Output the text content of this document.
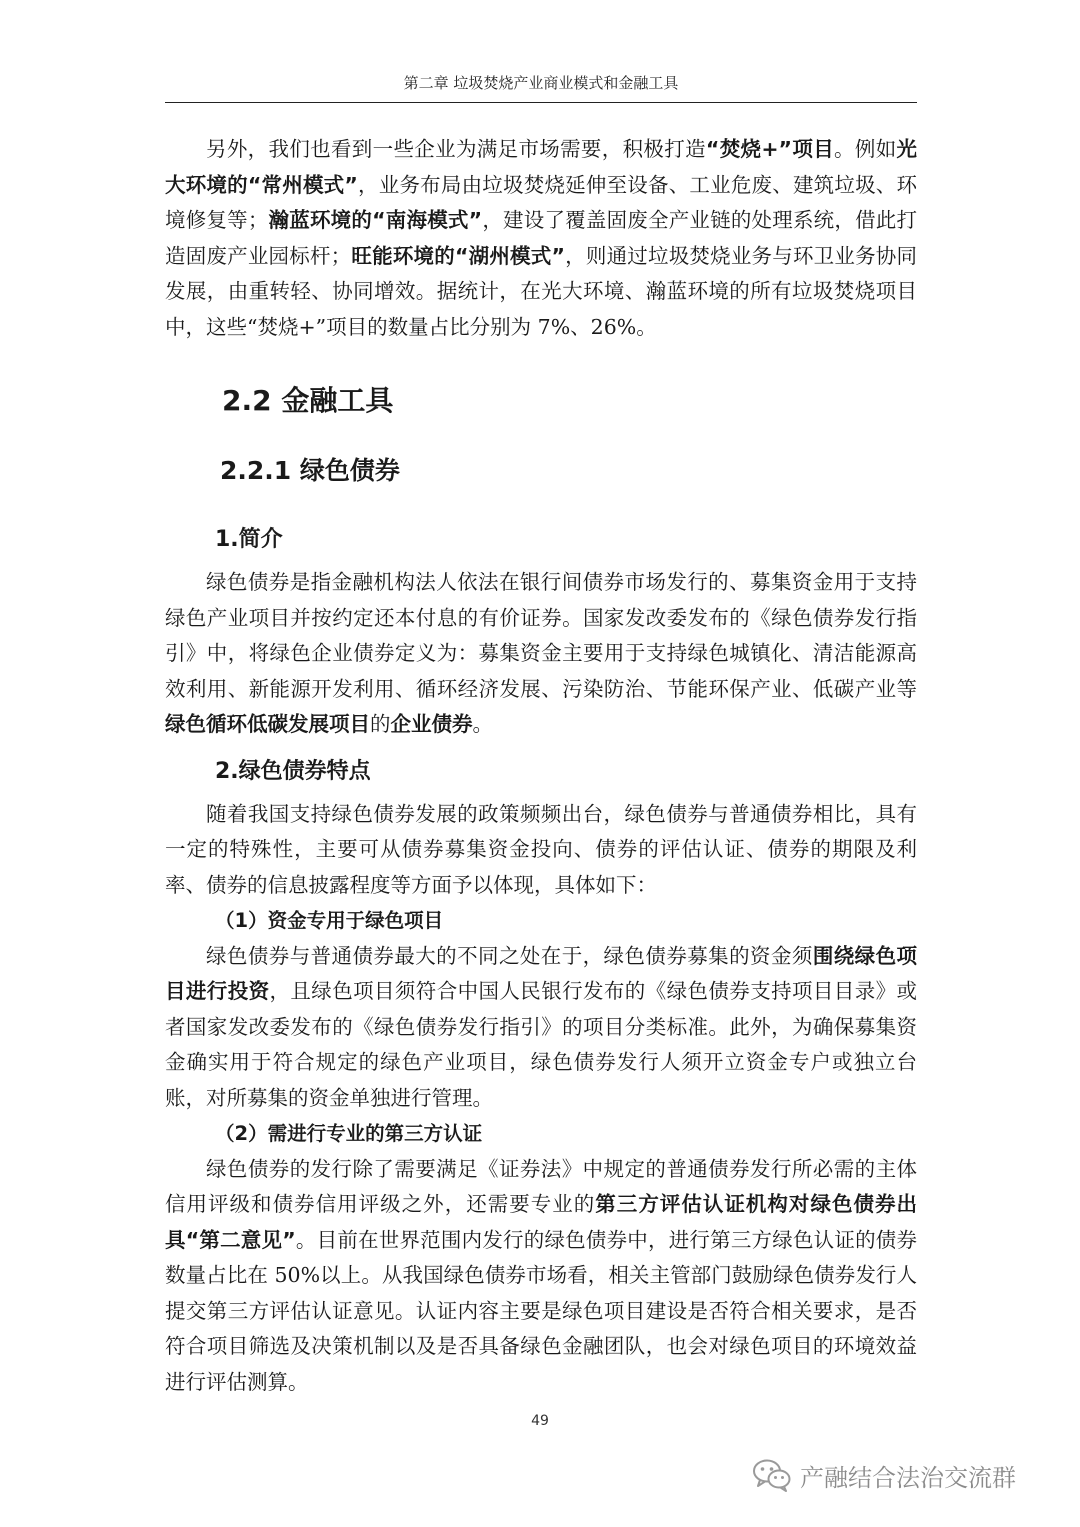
第二章 垃圾焚烧产业商业模式和金融工具

另外，我们也看到一些企业为满足市场需要，积极打造“焚烧+”项目。例如光大环境的“常州模式”，业务布局由垃圾焚烧延伸至设备、工业危废、建筑垃圾、环境修复等；瀚蓝环境的“南海模式”，建设了覆盖固废全产业链的处理系统，借此打造固废产业园标杆；旺能环境的“湖州模式”，则通过垃圾焚烧业务与环卫业务协同发展，由重转轻、协同增效。据统计，在光大环境、瀚蓝环境的所有垃圾焚烧项目中，这些“焚烧+”项目的数量占比分别为 7%、26%。

2.2 金融工具
2.2.1 绿色债券
1.简介

绿色债券是指金融机构法人依法在银行间债券市场发行的、募集资金用于支持绿色产业项目并按约定还本付息的有价证券。国家发改委发布的《绿色债券发行指引》中，将绿色企业债券定义为：募集资金主要用于支持绿色城镇化、清洁能源高效利用、新能源开发利用、循环经济发展、污染防治、节能环保产业、低碳产业等绿色循环低碳发展项目的企业债券。

2.绿色债券特点

随着我国支持绿色债券发展的政策频频出台，绿色债券与普通债券相比，具有一定的特殊性，主要可从债券募集资金投向、债券的评估认证、债券的期限及利率、债券的信息披露程度等方面予以体现，具体如下：

（1）资金专用于绿色项目

绿色债券与普通债券最大的不同之处在于，绿色债券募集的资金须围绕绿色项目进行投资，且绿色项目须符合中国人民银行发布的《绿色债券支持项目目录》或者国家发改委发布的《绿色债券发行指引》的项目分类标准。此外，为确保募集资金确实用于符合规定的绿色产业项目，绿色债券发行人须开立资金专户或独立台账，对所募集的资金单独进行管理。

（2）需进行专业的第三方认证

绿色债券的发行除了需要满足《证券法》中规定的普通债券发行所必需的主体信用评级和债券信用评级之外，还需要专业的第三方评估认证机构对绿色债券出具“第二意见”。目前在世界范围内发行的绿色债券中，进行第三方绿色认证的债券数量占比在 50%以上。从我国绿色债券市场看，相关主管部门鼓励绿色债券发行人提交第三方评估认证意见。认证内容主要是绿色项目建设是否符合相关要求，是否符合项目筛选及决策机制以及是否具备绿色金融团队，也会对绿色项目的环境效益进行评估测算。

49
产融结合法治交流群
